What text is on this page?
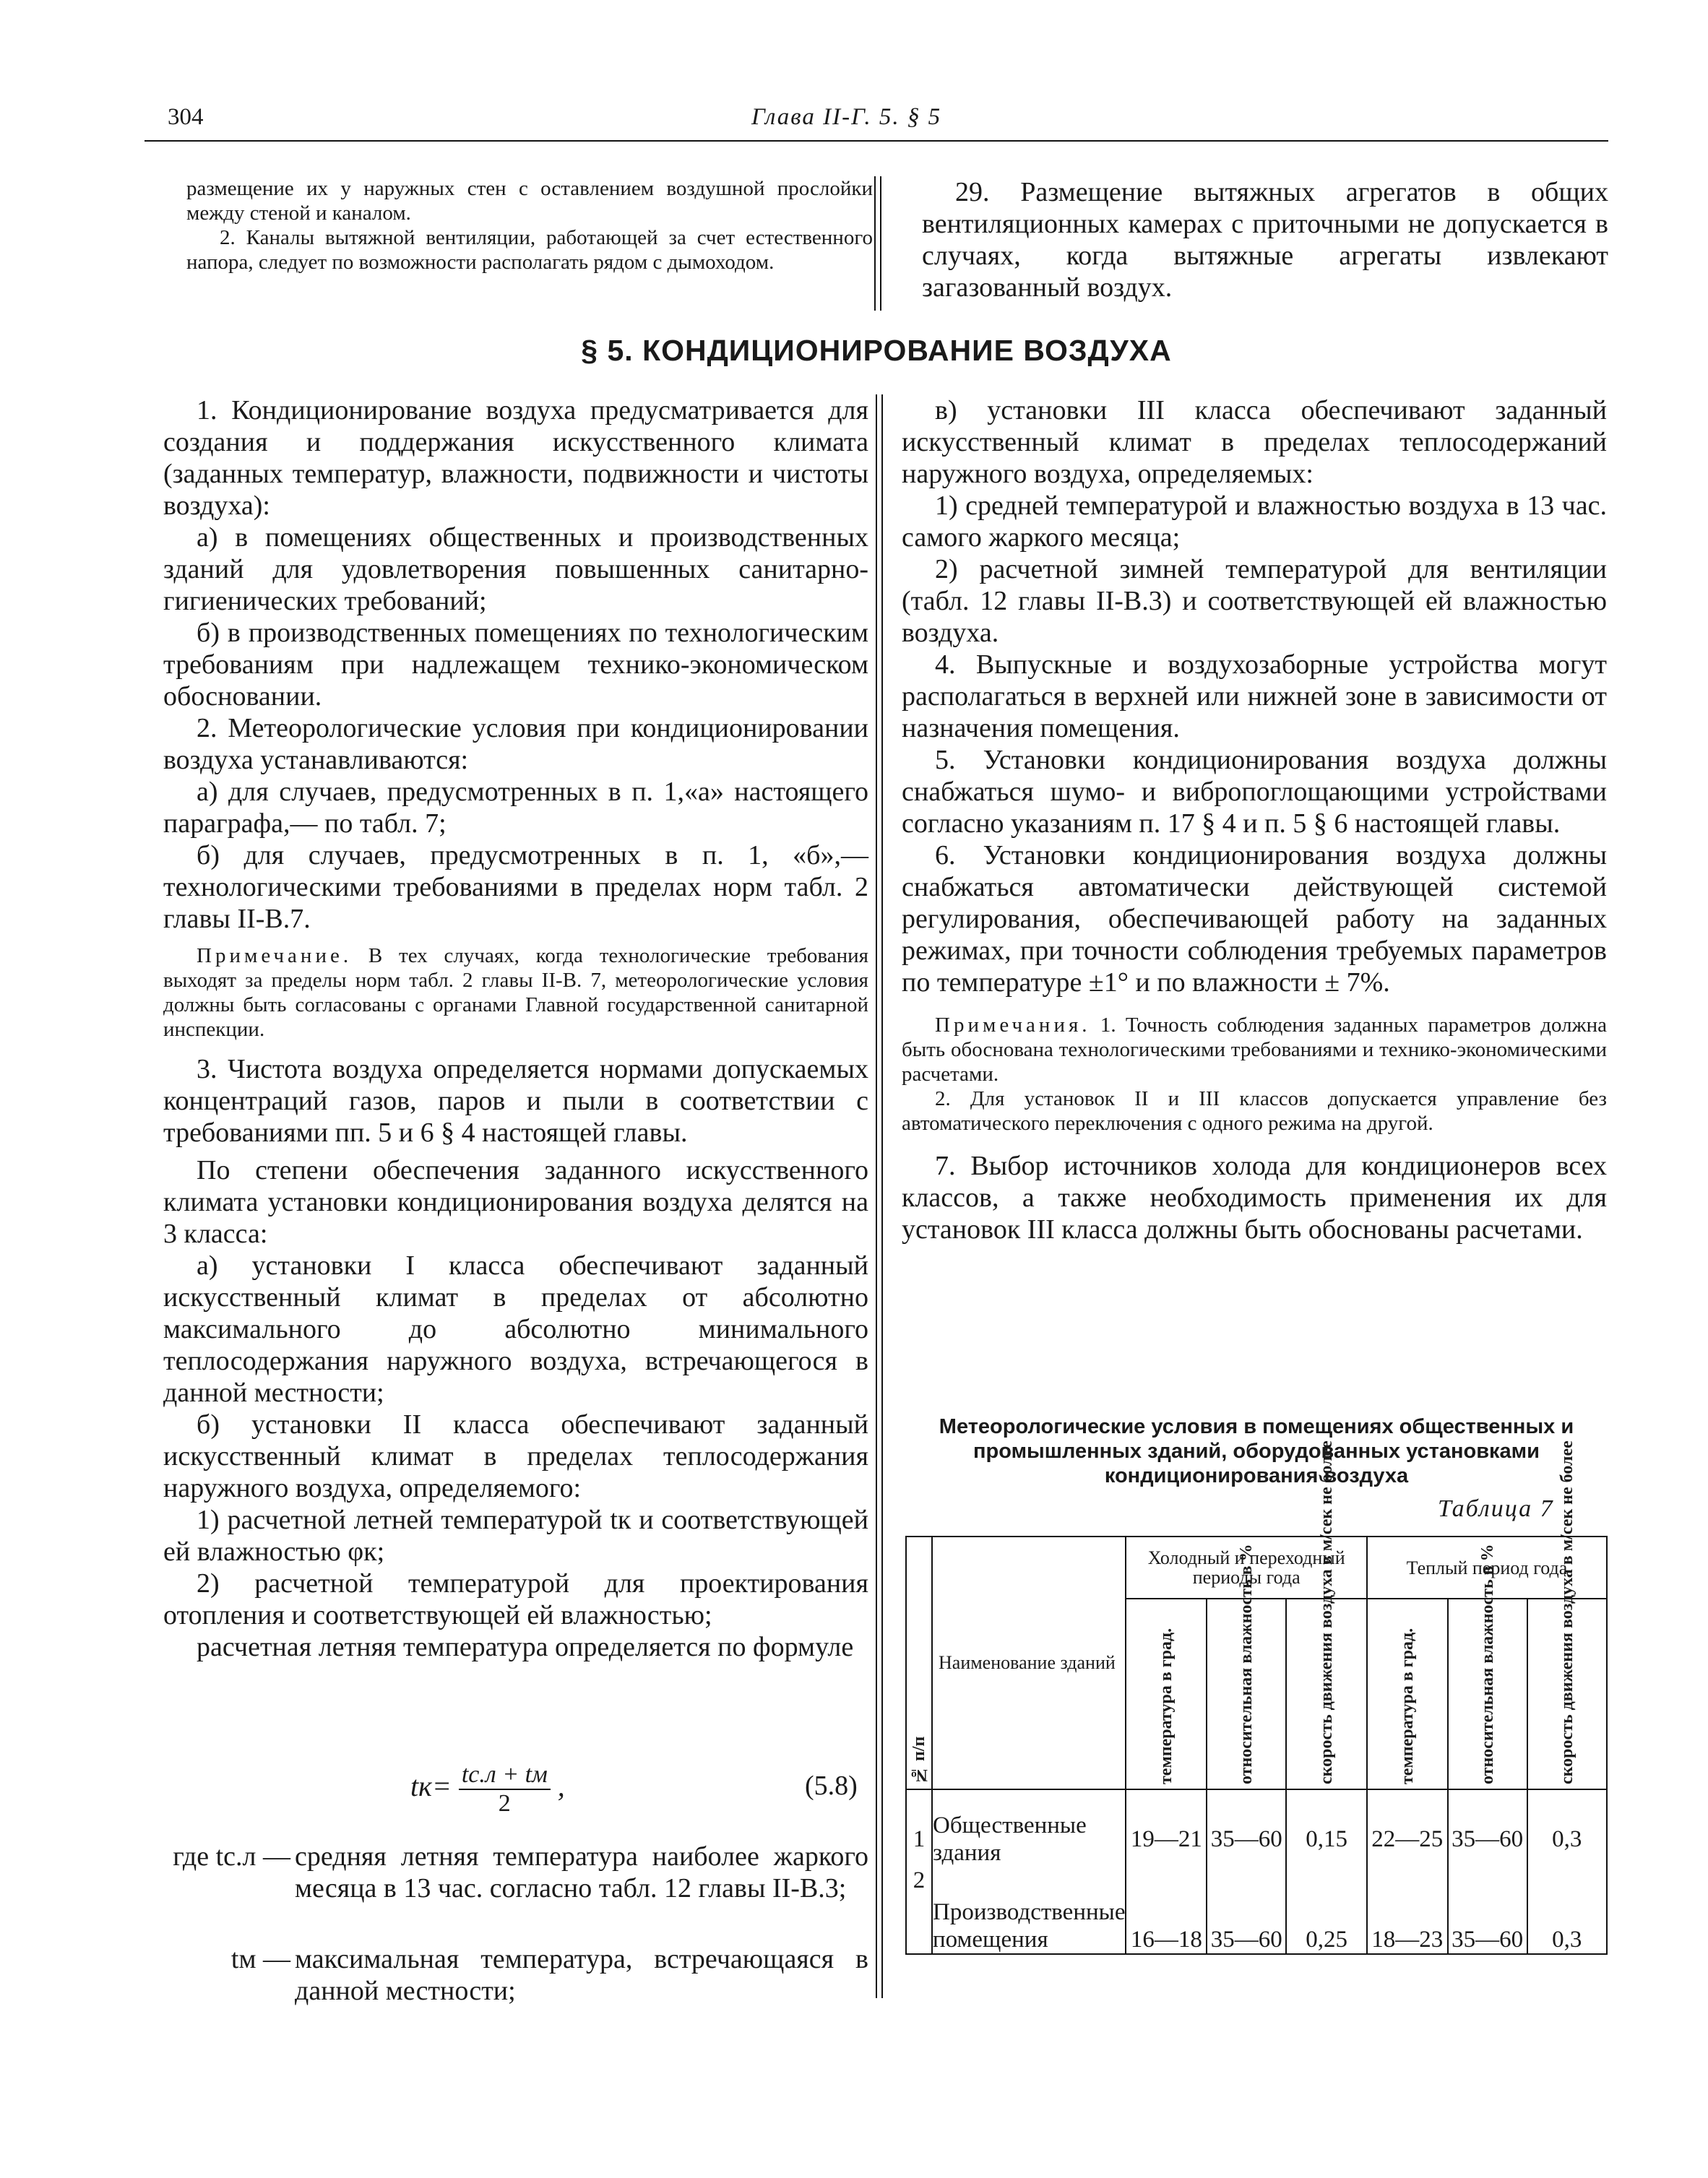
304	Глава II-Г. 5. § 5

размещение их у наружных стен с оставлением воздушной прослойки между стеной и каналом.

2. Каналы вытяжной вентиляции, работающей за счет естественного напора, следует по возможности располагать рядом с дымоходом.

29. Размещение вытяжных агрегатов в общих вентиляционных камерах с приточными не допускается в случаях, когда вытяжные агрегаты извлекают загазованный воздух.

§ 5. КОНДИЦИОНИРОВАНИЕ ВОЗДУХА

1. Кондиционирование воздуха предусматривается для создания и поддержания искусственного климата (заданных температур, влажности, подвижности и чистоты воздуха):

а) в помещениях общественных и производственных зданий для удовлетворения повышенных санитарно-гигиенических требований;

б) в производственных помещениях по технологическим требованиям при надлежащем технико-экономическом обосновании.

2. Метеорологические условия при кондиционировании воздуха устанавливаются:

а) для случаев, предусмотренных в п. 1,«а» настоящего параграфа,— по табл. 7;

б) для случаев, предусмотренных в п. 1, «б»,— технологическими требованиями в пределах норм табл. 2 главы II-В.7.

Примечание. В тех случаях, когда технологические требования выходят за пределы норм табл. 2 главы II-В. 7, метеорологические условия должны быть согласованы с органами Главной государственной санитарной инспекции.

3. Чистота воздуха определяется нормами допускаемых концентраций газов, паров и пыли в соответствии с требованиями пп. 5 и 6 § 4 настоящей главы.

По степени обеспечения заданного искусственного климата установки кондиционирования воздуха делятся на 3 класса:

а) установки I класса обеспечивают заданный искусственный климат в пределах от абсолютно максимального до абсолютно минимального теплосодержания наружного воздуха, встречающегося в данной местности;

б) установки II класса обеспечивают заданный искусственный климат в пределах теплосодержания наружного воздуха, определяемого:

1) расчетной летней температурой tк и соответствующей ей влажностью φк;

2) расчетной температурой для проектирования отопления и соответствующей ей влажностью;

расчетная летняя температура определяется по формуле

$tк= \frac{tс.л + tм}{2}$ ,	(5.8)
где tс.л — средняя летняя температура наиболее жаркого месяца в 13 час. согласно табл. 12 главы II-В.3;
tм — максимальная температура, встречающаяся в данной местности;

в) установки III класса обеспечивают заданный искусственный климат в пределах теплосодержаний наружного воздуха, определяемых:

1) средней температурой и влажностью воздуха в 13 час. самого жаркого месяца;

2) расчетной зимней температурой для вентиляции (табл. 12 главы II-В.3) и соответствующей ей влажностью воздуха.

4. Выпускные и воздухозаборные устройства могут располагаться в верхней или нижней зоне в зависимости от назначения помещения.

5. Установки кондиционирования воздуха должны снабжаться шумо- и вибропоглощающими устройствами согласно указаниям п. 17 § 4 и п. 5 § 6 настоящей главы.

6. Установки кондиционирования воздуха должны снабжаться автоматически действующей системой регулирования, обеспечивающей работу на заданных режимах, при точности соблюдения требуемых параметров по температуре ±1° и по влажности ± 7%.

Примечания. 1. Точность соблюдения заданных параметров должна быть обоснована технологическими требованиями и технико-экономическими расчетами.

2. Для установок II и III классов допускается управление без автоматического переключения с одного режима на другой.

7. Выбор источников холода для кондиционеров всех классов, а также необходимость применения их для установок III класса должны быть обоснованы расчетами.

Метеорологические условия в помещениях общественных и промышленных зданий, оборудованных установками кондиционирования воздуха
Таблица 7
№ п/п	Наименование зданий	Холодный и переходный периоды года			Теплый период года		
		температура в град.	относительная влажность в %	скорость движения воздуха в м/сек не более	температура в град.	относительная влажность в %	скорость движения воздуха в м/сек не более
1	Общественные здания	19—21	35—60	0,15	22—25	35—60	0,3
2	Производственные помещения	16—18	35—60	0,25	18—23	35—60	0,3
